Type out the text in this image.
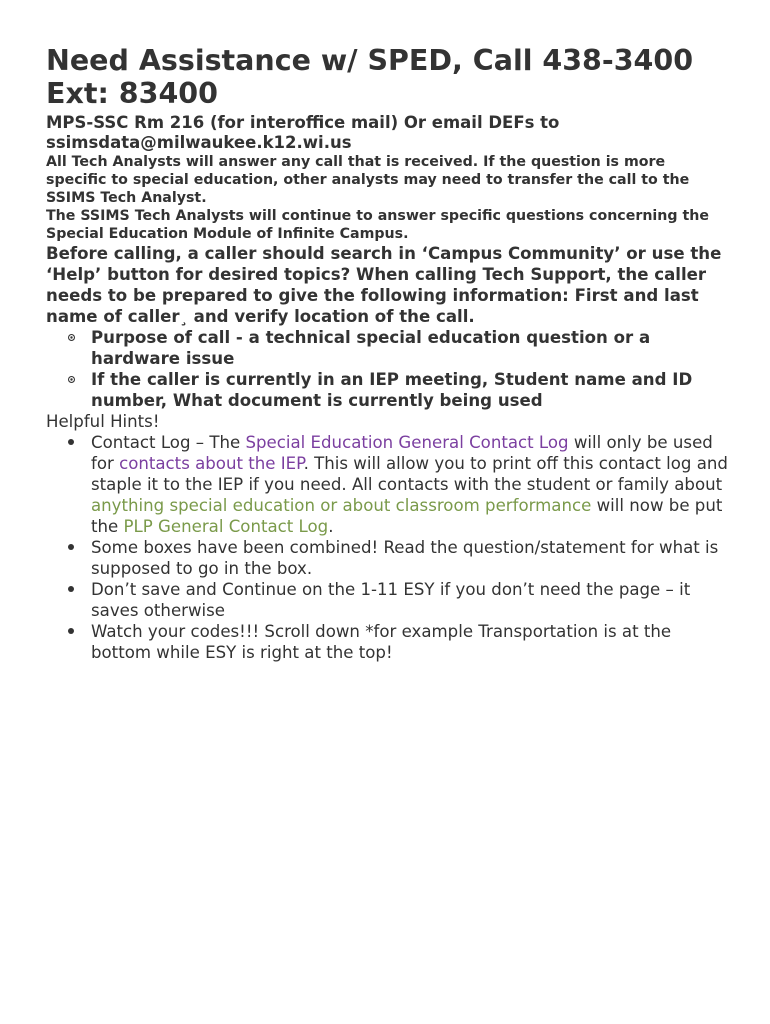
Need Assistance w/ SPED, Call 438-3400
Ext: 83400

MPS-SSC Rm 216 (for interoffice mail) Or email DEFs to
ssimsdata@milwaukee.k12.wi.us

All Tech Analysts will answer any call that is received. If the question is more specific to special education, other analysts may need to transfer the call to the SSIMS Tech Analyst.

The SSIMS Tech Analysts will continue to answer specific questions concerning the Special Education Module of Infinite Campus.

Before calling, a caller should search in ‘Campus Community’ or use the ‘Help’ button for desired topics? When calling Tech Support, the caller needs to be prepared to give the following information: First and last name of caller¸ and verify location of the call.

Purpose of call - a technical special education question or a hardware issue
If the caller is currently in an IEP meeting, Student name and ID number, What document is currently being used

Helpful Hints!

Contact Log – The Special Education General Contact Log will only be used for contacts about the IEP. This will allow you to print off this contact log and staple it to the IEP if you need. All contacts with the student or family about anything special education or about classroom performance will now be put the PLP General Contact Log.
Some boxes have been combined! Read the question/statement for what is supposed to go in the box.
Don’t save and Continue on the 1-11 ESY if you don’t need the page – it saves otherwise
Watch your codes!!! Scroll down *for example Transportation is at the bottom while ESY is right at the top!
